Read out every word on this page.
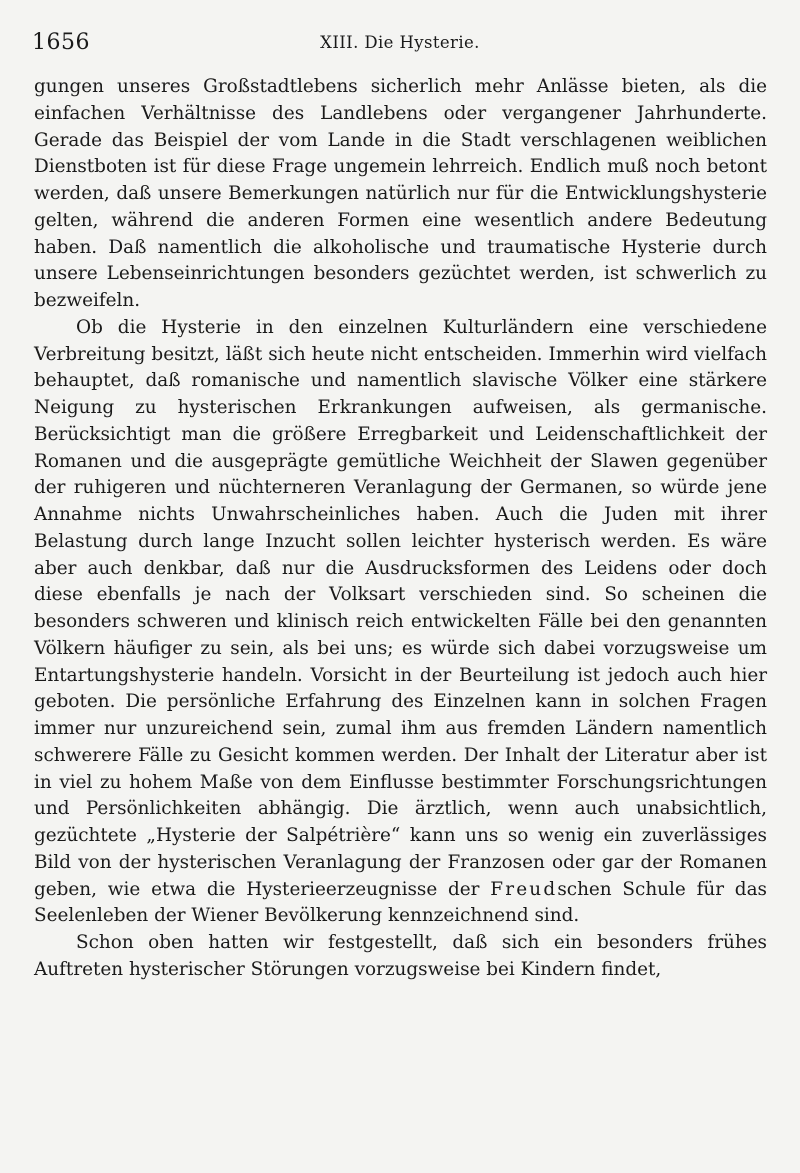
1656	XIII. Die Hysterie.

gungen unseres Großstadtlebens sicherlich mehr Anlässe bieten, als die einfachen Verhältnisse des Landlebens oder vergangener Jahrhunderte. Gerade das Beispiel der vom Lande in die Stadt verschlagenen weiblichen Dienstboten ist für diese Frage ungemein lehrreich. Endlich muß noch betont werden, daß unsere Bemerkungen natürlich nur für die Entwicklungshysterie gelten, während die anderen Formen eine wesentlich andere Bedeutung haben. Daß namentlich die alkoholische und traumatische Hysterie durch unsere Lebenseinrichtungen besonders gezüchtet werden, ist schwerlich zu bezweifeln.

Ob die Hysterie in den einzelnen Kulturländern eine verschiedene Verbreitung besitzt, läßt sich heute nicht entscheiden. Immerhin wird vielfach behauptet, daß romanische und namentlich slavische Völker eine stärkere Neigung zu hysterischen Erkrankungen aufweisen, als germanische. Berücksichtigt man die größere Erregbarkeit und Leidenschaftlichkeit der Romanen und die ausgeprägte gemütliche Weichheit der Slawen gegenüber der ruhigeren und nüchterneren Veranlagung der Germanen, so würde jene Annahme nichts Unwahrscheinliches haben. Auch die Juden mit ihrer Belastung durch lange Inzucht sollen leichter hysterisch werden. Es wäre aber auch denkbar, daß nur die Ausdrucksformen des Leidens oder doch diese ebenfalls je nach der Volksart verschieden sind. So scheinen die besonders schweren und klinisch reich entwickelten Fälle bei den genannten Völkern häufiger zu sein, als bei uns; es würde sich dabei vorzugsweise um Entartungshysterie handeln. Vorsicht in der Beurteilung ist jedoch auch hier geboten. Die persönliche Erfahrung des Einzelnen kann in solchen Fragen immer nur unzureichend sein, zumal ihm aus fremden Ländern namentlich schwerere Fälle zu Gesicht kommen werden. Der Inhalt der Literatur aber ist in viel zu hohem Maße von dem Einflusse bestimmter Forschungsrichtungen und Persönlichkeiten abhängig. Die ärztlich, wenn auch unabsichtlich, gezüchtete „Hysterie der Salpétrière“ kann uns so wenig ein zuverlässiges Bild von der hysterischen Veranlagung der Franzosen oder gar der Romanen geben, wie etwa die Hysterieerzeugnisse der Freudschen Schule für das Seelenleben der Wiener Bevölkerung kennzeichnend sind.

Schon oben hatten wir festgestellt, daß sich ein besonders frühes Auftreten hysterischer Störungen vorzugsweise bei Kindern findet,
